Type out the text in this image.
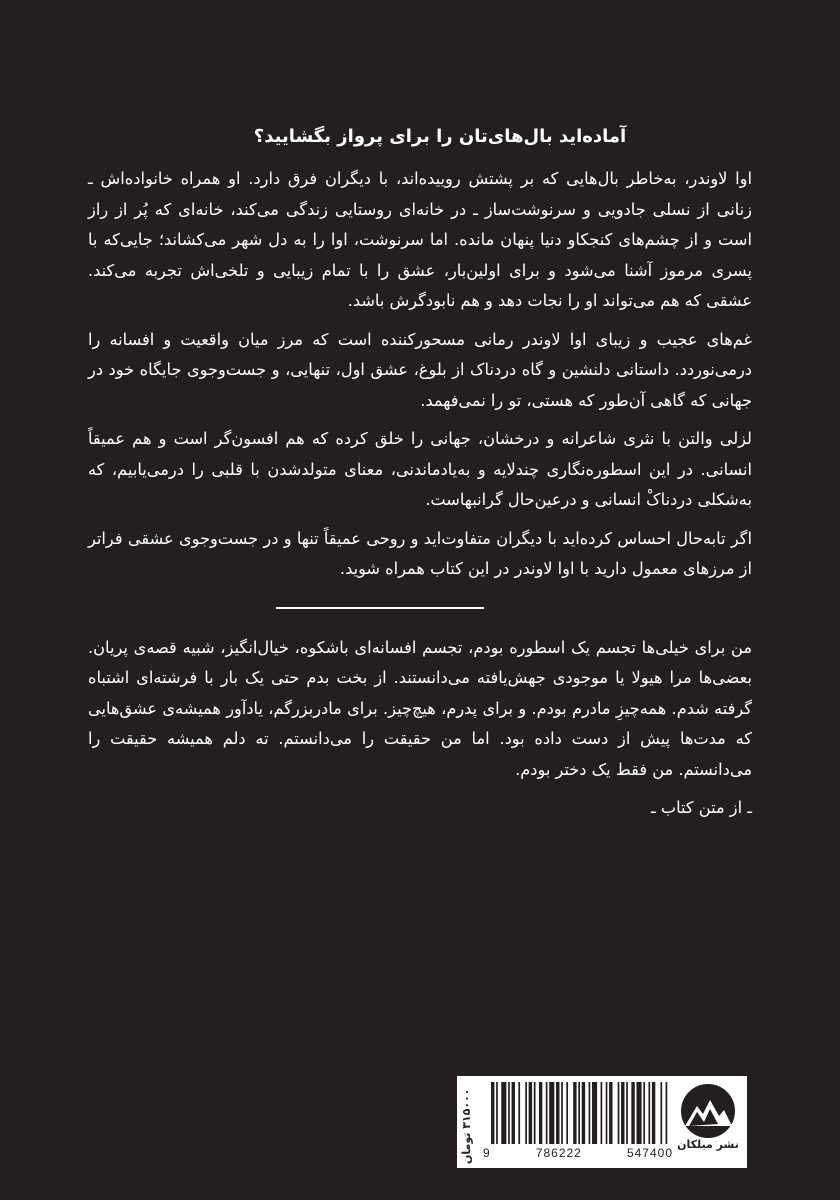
آماده‌اید بال‌های‌تان را برای پرواز بگشایید؟

اوا لاوندر، به‌خاطر بال‌هایی که بر پشتش روییده‌اند، با دیگران فرق دارد. او همراه خانواده‌اش ـ زنانی از نسلی جادویی و سرنوشت‌ساز ـ در خانه‌ای روستایی زندگی می‌کند، خانه‌ای که پُر از راز است و از چشم‌های کنجکاو دنیا پنهان مانده. اما سرنوشت، اوا را به دل شهر می‌کشاند؛ جایی‌که با پسری مرموز آشنا می‌شود و برای اولین‌بار، عشق را با تمام زیبایی و تلخی‌اش تجربه می‌کند. عشقی که هم می‌تواند او را نجات دهد و هم نابودگرش باشد.

غم‌های عجیب و زیبای اوا لاوندر رمانی مسحورکننده است که مرز میان واقعیت و افسانه را درمی‌نوردد. داستانی دلنشین و گاه دردناک از بلوغ، عشق اول، تنهایی، و جست‌وجوی جایگاه خود در جهانی که گاهی آن‌طور که هستی، تو را نمی‌فهمد.

لزلی والتن با نثری شاعرانه و درخشان، جهانی را خلق کرده که هم افسون‌گر است و هم عمیقاً انسانی. در این اسطوره‌نگاری چندلایه و به‌یادماندنی، معنای متولدشدن با قلبی را درمی‌یابیم، که به‌شکلی دردناکْ انسانی و درعین‌حال گرانبهاست.

اگر تابه‌حال احساس کرده‌اید با دیگران متفاوت‌اید و روحی عمیقاً تنها و در جست‌وجوی عشقی فراتر از مرزهای معمول دارید با اوا لاوندر در این کتاب همراه شوید.

من برای خیلی‌ها تجسم یک اسطوره بودم، تجسم افسانه‌ای باشکوه، خیال‌انگیز، شبیه قصه‌ی پریان. بعضی‌ها مرا هیولا یا موجودی جهش‌یافته می‌دانستند. از بخت بدم حتی یک بار با فرشته‌ای اشتباه گرفته شدم. همه‌چیزِ مادرم بودم. و برای پدرم، هیچ‌چیز. برای مادربزرگم، یادآور همیشه‌ی عشق‌هایی که مدت‌ها پیش از دست داده بود. اما من حقیقت را می‌دانستم. ته دلم همیشه حقیقت را می‌دانستم. من فقط یک دختر بودم.

ـ از متن کتاب ـ

۳۱۵۰۰۰ تومان
9	786222	547400
نشر میلکان
